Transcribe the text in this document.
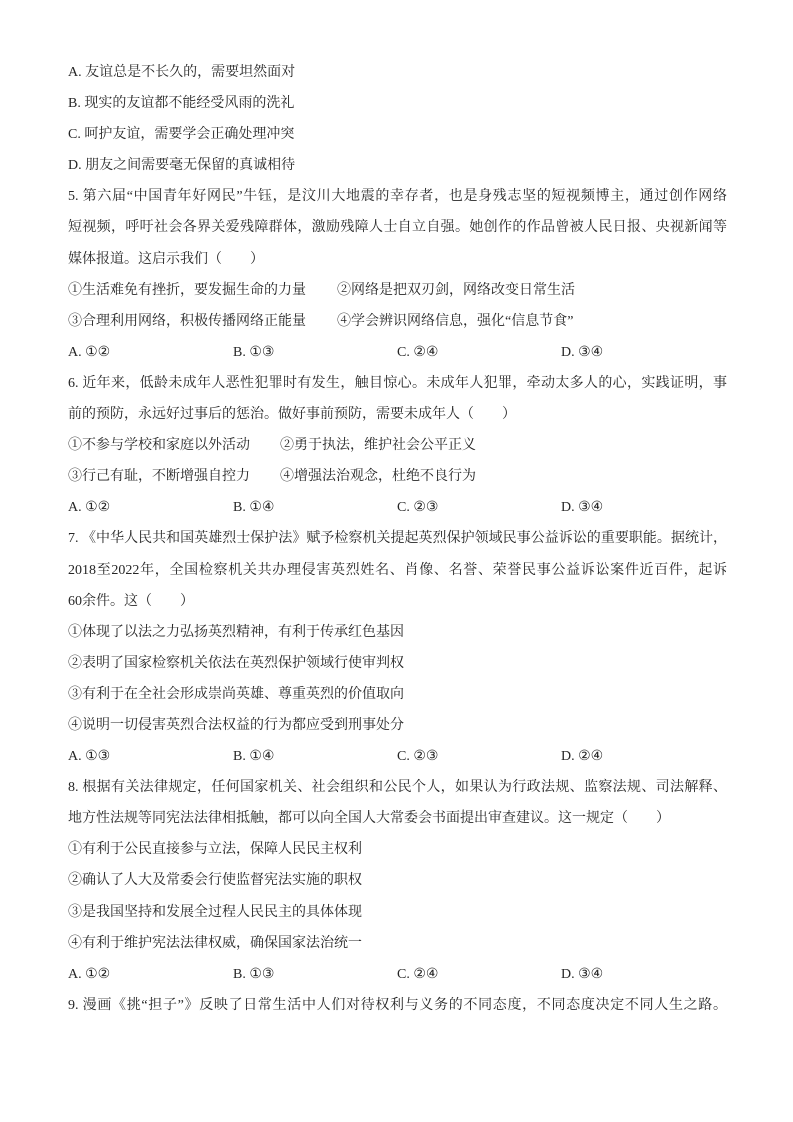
A. 友谊总是不长久的，需要坦然面对
B. 现实的友谊都不能经受风雨的洗礼
C. 呵护友谊，需要学会正确处理冲突
D. 朋友之间需要毫无保留的真诚相待
5. 第六届“中国青年好网民”牛钰，是汶川大地震的幸存者，也是身残志坚的短视频博主，通过创作网络
短视频，呼吁社会各界关爱残障群体，激励残障人士自立自强。她创作的作品曾被人民日报、央视新闻等
媒体报道。这启示我们（　　）
①生活难免有挫折，要发掘生命的力量	②网络是把双刃剑，网络改变日常生活
③合理利用网络，积极传播网络正能量	④学会辨识网络信息，强化“信息节食”
A. ①②	B. ①③	C. ②④	D. ③④
6. 近年来，低龄未成年人恶性犯罪时有发生，触目惊心。未成年人犯罪，牵动太多人的心，实践证明，事
前的预防，永远好过事后的惩治。做好事前预防，需要未成年人（　　）
①不参与学校和家庭以外活动	②勇于执法，维护社会公平正义
③行己有耻，不断增强自控力	④增强法治观念，杜绝不良行为
A. ①②	B. ①④	C. ②③	D. ③④
7. 《中华人民共和国英雄烈士保护法》赋予检察机关提起英烈保护领域民事公益诉讼的重要职能。据统计，
2018至2022年，全国检察机关共办理侵害英烈姓名、肖像、名誉、荣誉民事公益诉讼案件近百件，起诉
60余件。这（　　）
①体现了以法之力弘扬英烈精神，有利于传承红色基因
②表明了国家检察机关依法在英烈保护领域行使审判权
③有利于在全社会形成崇尚英雄、尊重英烈的价值取向
④说明一切侵害英烈合法权益的行为都应受到刑事处分
A. ①③	B. ①④	C. ②③	D. ②④
8. 根据有关法律规定，任何国家机关、社会组织和公民个人，如果认为行政法规、监察法规、司法解释、
地方性法规等同宪法法律相抵触，都可以向全国人大常委会书面提出审查建议。这一规定（　　）
①有利于公民直接参与立法，保障人民民主权利
②确认了人大及常委会行使监督宪法实施的职权
③是我国坚持和发展全过程人民民主的具体体现
④有利于维护宪法法律权威，确保国家法治统一
A. ①②	B. ①③	C. ②④	D. ③④
9. 漫画《挑“担子”》反映了日常生活中人们对待权利与义务的不同态度，不同态度决定不同人生之路。
